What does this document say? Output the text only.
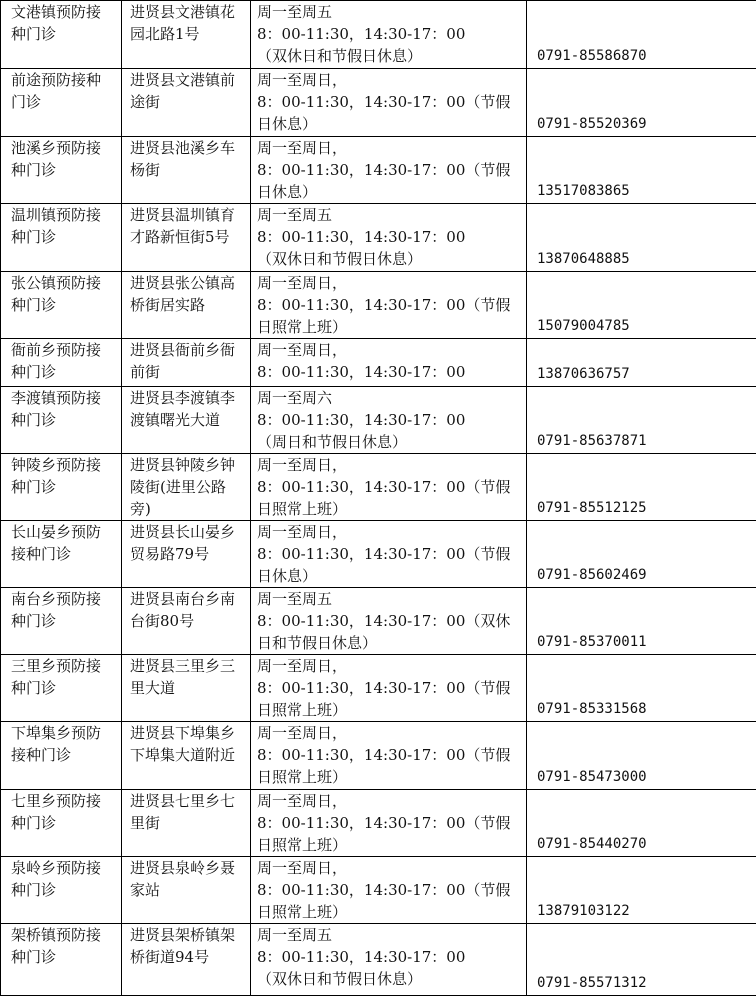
文港镇预防接种门诊	进贤县文港镇花园北路1号	周一至周五
8：00-11:30，14:30-17：00
（双休日和节假日休息）	0791-85586870

前途预防接种门诊	进贤县文港镇前途街	周一至周日，
8：00-11:30，14:30-17：00（节假
日休息）	0791-85520369

池溪乡预防接种门诊	进贤县池溪乡车杨街	周一至周日，
8：00-11:30，14:30-17：00（节假
日休息）	13517083865

温圳镇预防接种门诊	进贤县温圳镇育才路新恒街5号	周一至周五
8：00-11:30，14:30-17：00
（双休日和节假日休息）	13870648885

张公镇预防接种门诊	进贤县张公镇高桥街居实路	周一至周日，
8：00-11:30，14:30-17：00（节假
日照常上班）	15079004785

衙前乡预防接种门诊	进贤县衙前乡衙前街	周一至周日，
8：00-11:30，14:30-17：00	13870636757

李渡镇预防接种门诊	进贤县李渡镇李渡镇曙光大道	周一至周六
8：00-11:30，14:30-17：00
（周日和节假日休息）	0791-85637871

钟陵乡预防接种门诊	进贤县钟陵乡钟陵街(进里公路旁)	周一至周日，
8：00-11:30，14:30-17：00（节假
日照常上班）	0791-85512125

长山晏乡预防接种门诊	进贤县长山晏乡贸易路79号	周一至周日，
8：00-11:30，14:30-17：00（节假
日休息）	0791-85602469

南台乡预防接种门诊	进贤县南台乡南台街80号	周一至周五
8：00-11:30，14:30-17：00（双休
日和节假日休息）	0791-85370011

三里乡预防接种门诊	进贤县三里乡三里大道	周一至周日，
8：00-11:30，14:30-17：00（节假
日照常上班）	0791-85331568

下埠集乡预防接种门诊	进贤县下埠集乡下埠集大道附近	周一至周日，
8：00-11:30，14:30-17：00（节假
日照常上班）	0791-85473000

七里乡预防接种门诊	进贤县七里乡七里街	周一至周日，
8：00-11:30，14:30-17：00（节假
日照常上班）	0791-85440270

泉岭乡预防接种门诊	进贤县泉岭乡聂家站	周一至周日，
8：00-11:30，14:30-17：00（节假
日照常上班）	13879103122

架桥镇预防接种门诊	进贤县架桥镇架桥街道94号	周一至周五
8：00-11:30，14:30-17：00
（双休日和节假日休息）	0791-85571312
